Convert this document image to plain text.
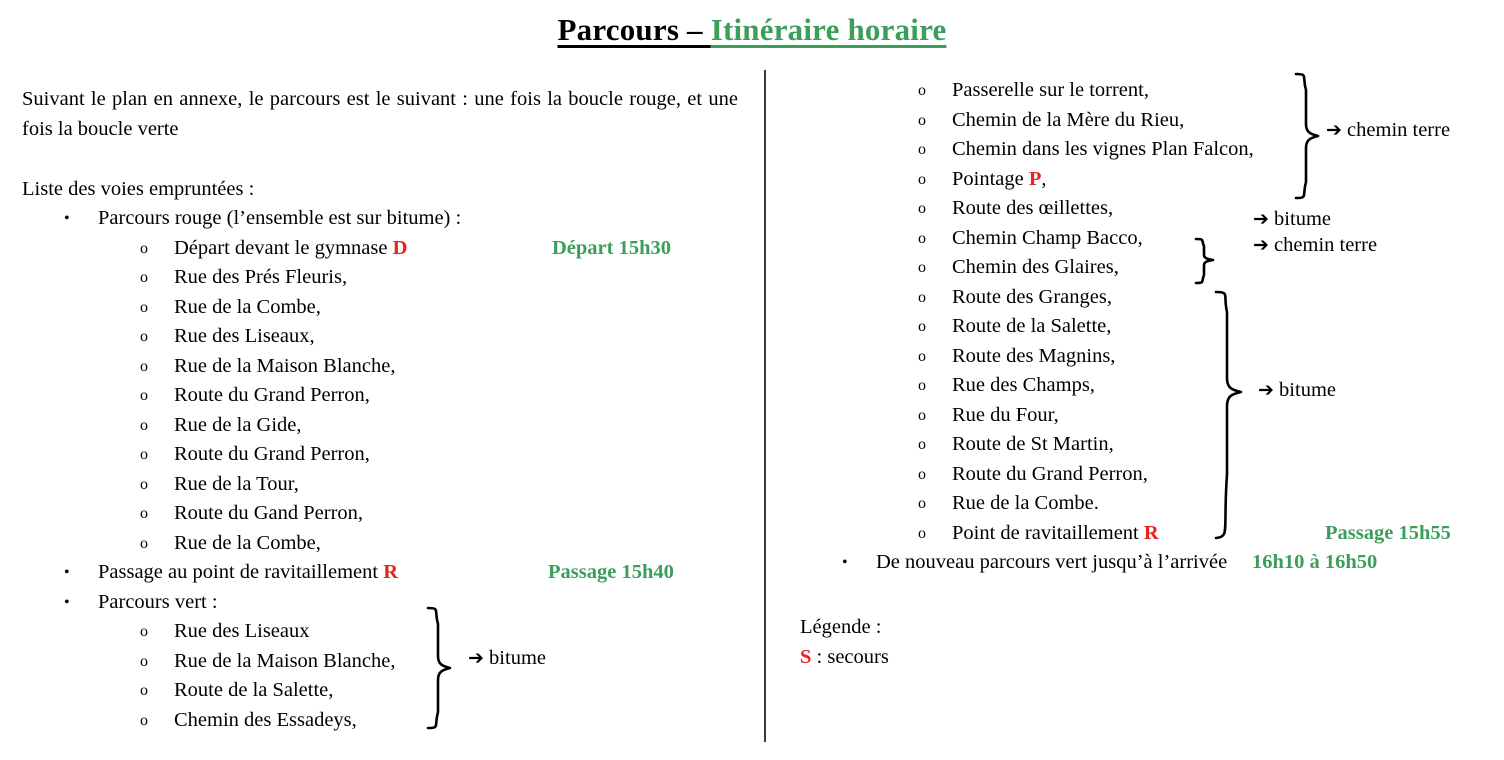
Parcours – Itinéraire horaire

Suivant le plan en annexe, le parcours est le suivant : une fois la boucle rouge, et une fois la boucle verte

Liste des voies empruntées :

• Parcours rouge (l’ensemble est sur bitume) :
o Départ devant le gymnase D	Départ 15h30
o Rue des Prés Fleuris,
o Rue de la Combe,
o Rue des Liseaux,
o Rue de la Maison Blanche,
o Route du Grand Perron,
o Rue de la Gide,
o Route du Grand Perron,
o Rue de la Tour,
o Route du Gand Perron,
o Rue de la Combe,
• Passage au point de ravitaillement R	Passage 15h40
• Parcours vert :
o Rue des Liseaux
o Rue de la Maison Blanche,
o Route de la Salette,
o Chemin des Essadeys,
➔ bitume
o Passerelle sur le torrent,
o Chemin de la Mère du Rieu,
o Chemin dans les vignes Plan Falcon,
o Pointage P,
o Route des œillettes,
o Chemin Champ Bacco,
o Chemin des Glaires,
o Route des Granges,
o Route de la Salette,
o Route des Magnins,
o Rue des Champs,
o Rue du Four,
o Route de St Martin,
o Route du Grand Perron,
o Rue de la Combe.
o Point de ravitaillement R	Passage 15h55
• De nouveau parcours vert jusqu’à l’arrivée 16h10 à 16h50
➔ chemin terre
➔ bitume
➔ chemin terre
➔ bitume
Légende :
S : secours
